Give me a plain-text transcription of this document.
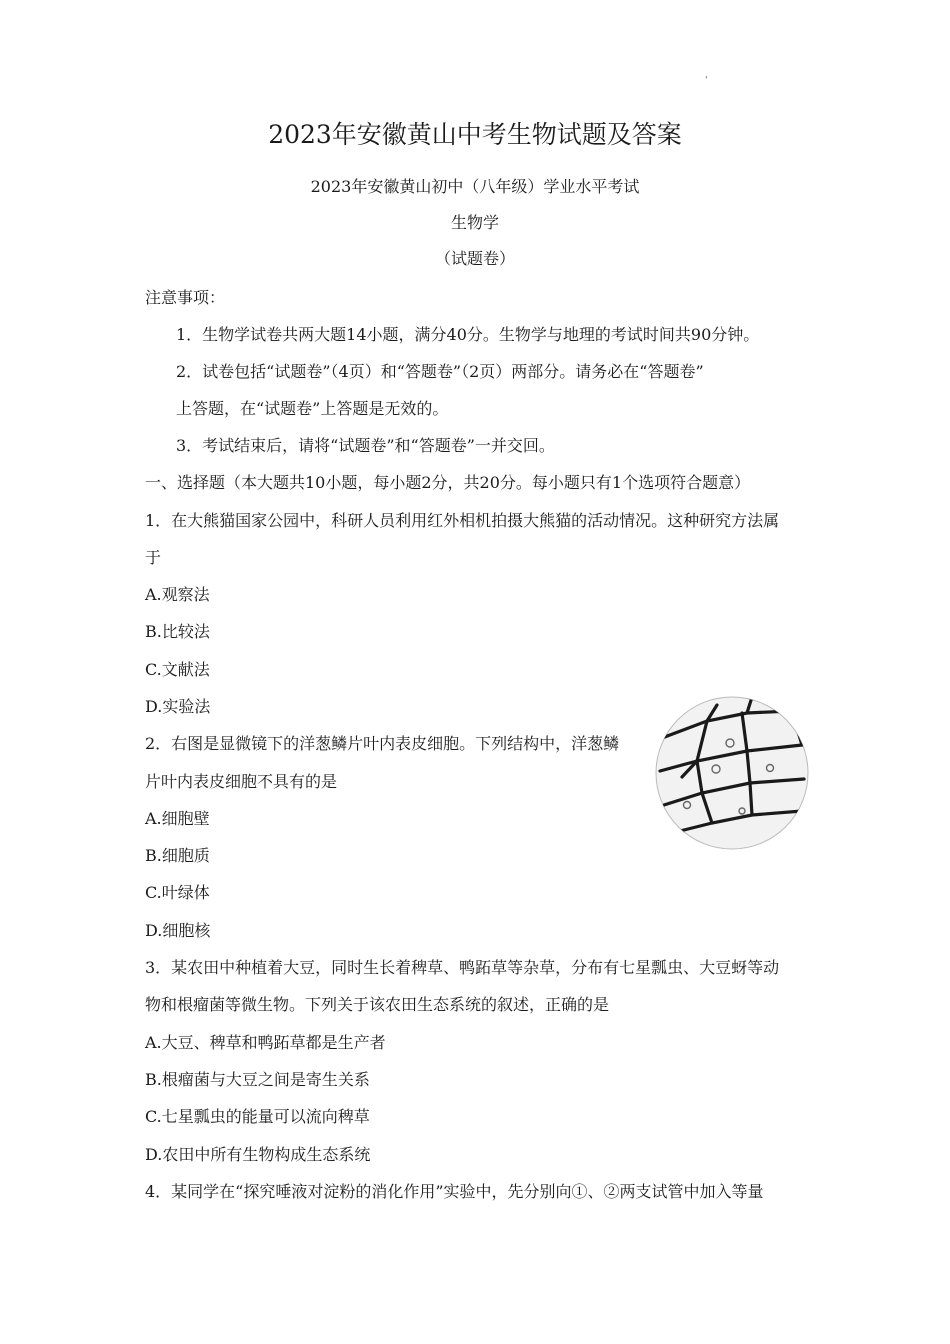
'
2023年安徽黄山中考生物试题及答案
2023年安徽黄山初中（八年级）学业水平考试
生物学
（试题卷）
注意事项：
1．生物学试卷共两大题14小题，满分40分。生物学与地理的考试时间共90分钟。
2．试卷包括“试题卷”（4页）和“答题卷”（2页）两部分。请务必在“答题卷”
上答题，在“试题卷”上答题是无效的。
3．考试结束后，请将“试题卷”和“答题卷”一并交回。
一、选择题（本大题共10小题，每小题2分，共20分。每小题只有1个选项符合题意）
1．在大熊猫国家公园中，科研人员利用红外相机拍摄大熊猫的活动情况。这种研究方法属
于
A.观察法
B.比较法
C.文献法
D.实验法
2．右图是显微镜下的洋葱鳞片叶内表皮细胞。下列结构中，洋葱鳞
片叶内表皮细胞不具有的是
A.细胞壁
B.细胞质
C.叶绿体
D.细胞核
3．某农田中种植着大豆，同时生长着稗草、鸭跖草等杂草，分布有七星瓢虫、大豆蚜等动
物和根瘤菌等微生物。下列关于该农田生态系统的叙述，正确的是
A.大豆、稗草和鸭跖草都是生产者
B.根瘤菌与大豆之间是寄生关系
C.七星瓢虫的能量可以流向稗草
D.农田中所有生物构成生态系统
4．某同学在“探究唾液对淀粉的消化作用”实验中，先分别向①、②两支试管中加入等量
